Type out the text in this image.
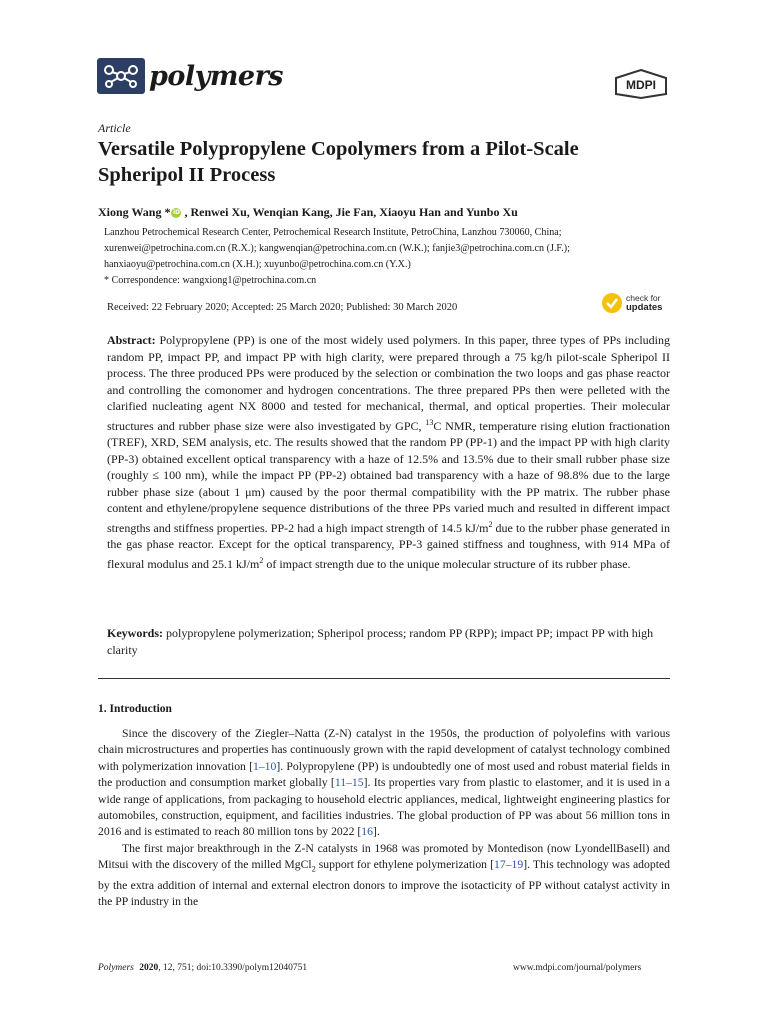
polymers	MDPI
Article
Versatile Polypropylene Copolymers from a Pilot-Scale Spheripol II Process
Xiong Wang * iD , Renwei Xu, Wenqian Kang, Jie Fan, Xiaoyu Han and Yunbo Xu
Lanzhou Petrochemical Research Center, Petrochemical Research Institute, PetroChina, Lanzhou 730060, China;
xurenwei@petrochina.com.cn (R.X.); kangwenqian@petrochina.com.cn (W.K.); fanjie3@petrochina.com.cn (J.F.);
hanxiaoyu@petrochina.com.cn (X.H.); xuyunbo@petrochina.com.cn (Y.X.)
* Correspondence: wangxiong1@petrochina.com.cn
Received: 22 February 2020; Accepted: 25 March 2020; Published: 30 March 2020
check for
updates
Abstract: Polypropylene (PP) is one of the most widely used polymers. In this paper, three types of PPs including random PP, impact PP, and impact PP with high clarity, were prepared through a 75 kg/h pilot-scale Spheripol II process. The three produced PPs were produced by the selection or combination the two loops and gas phase reactor and controlling the comonomer and hydrogen concentrations. The three prepared PPs then were pelleted with the clarified nucleating agent NX 8000 and tested for mechanical, thermal, and optical properties. Their molecular structures and rubber phase size were also investigated by GPC, $^{13}$C NMR, temperature rising elution fractionation (TREF), XRD, SEM analysis, etc. The results showed that the random PP (PP-1) and the impact PP with high clarity (PP-3) obtained excellent optical transparency with a haze of 12.5% and 13.5% due to their small rubber phase size (roughly ≤ 100 nm), while the impact PP (PP-2) obtained bad transparency with a haze of 98.8% due to the large rubber phase size (about 1 μm) caused by the poor thermal compatibility with the PP matrix. The rubber phase content and ethylene/propylene sequence distributions of the three PPs varied much and resulted in different impact strengths and stiffness properties. PP-2 had a high impact strength of 14.5 $kJ/m^2$ due to the rubber phase generated in the gas phase reactor. Except for the optical transparency, PP-3 gained stiffness and toughness, with 914 MPa of flexural modulus and 25.1 $kJ/m^2$ of impact strength due to the unique molecular structure of its rubber phase.
Keywords: polypropylene polymerization; Spheripol process; random PP (RPP); impact PP; impact PP with high clarity
1. Introduction

Since the discovery of the Ziegler–Natta (Z-N) catalyst in the 1950s, the production of polyolefins with various chain microstructures and properties has continuously grown with the rapid development of catalyst technology combined with polymerization innovation [1–10]. Polypropylene (PP) is undoubtedly one of most used and robust material fields in the production and consumption market globally [11–15]. Its properties vary from plastic to elastomer, and it is used in a wide range of applications, from packaging to household electric appliances, medical, lightweight engineering plastics for automobiles, construction, equipment, and facilities industries. The global production of PP was about 56 million tons in 2016 and is estimated to reach 80 million tons by 2022 [16].

The first major breakthrough in the Z-N catalysts in 1968 was promoted by Montedison (now LyondellBasell) and Mitsui with the discovery of the milled MgCl$_2$ support for ethylene polymerization [17–19]. This technology was adopted by the extra addition of internal and external electron donors to improve the isotacticity of PP without catalyst activity in the PP industry in the

Polymers 2020, 12, 751; doi:10.3390/polym12040751	www.mdpi.com/journal/polymers
